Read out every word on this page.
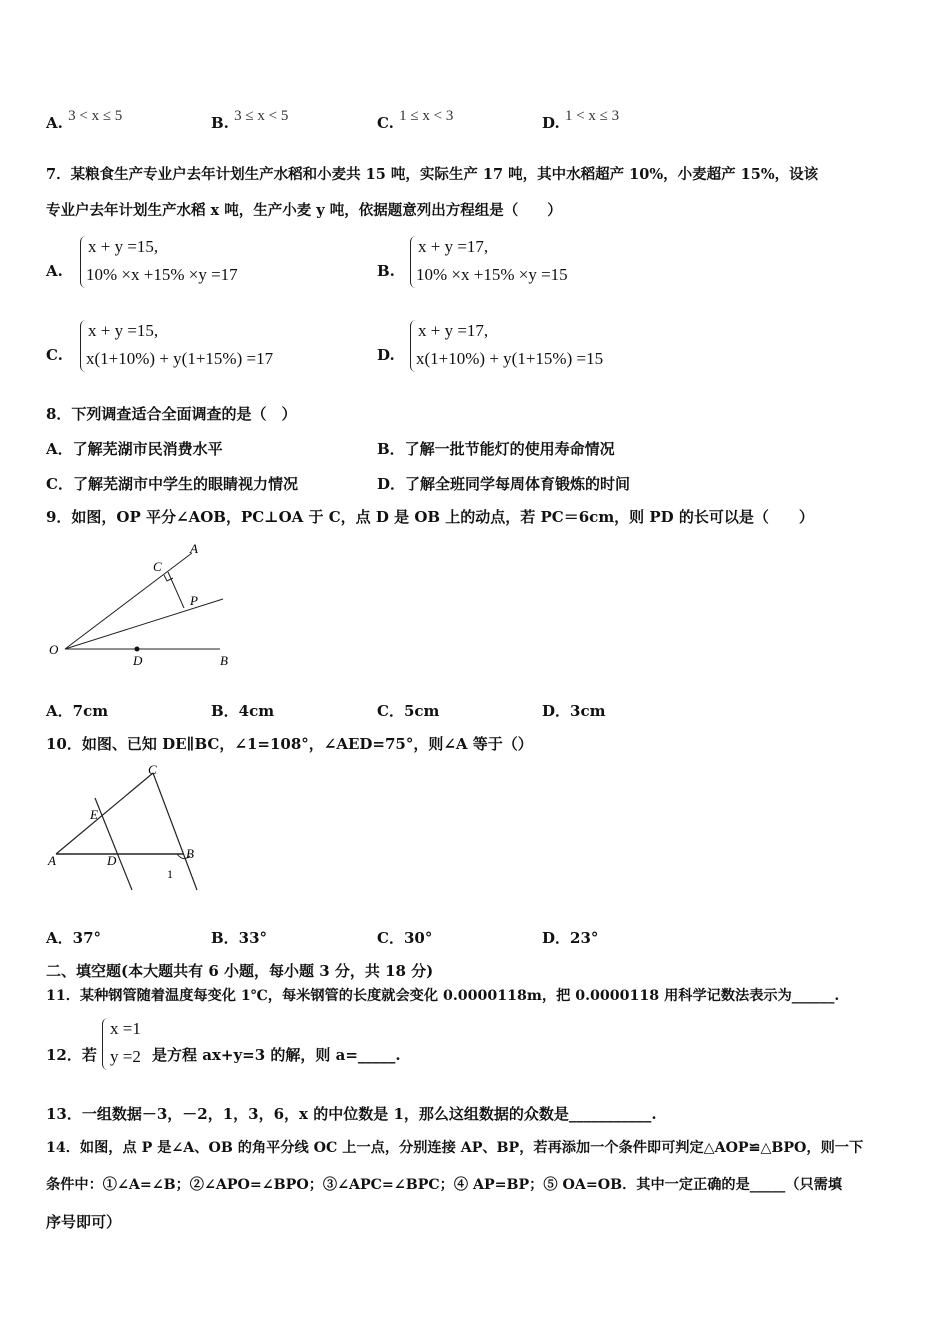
A. 3 < x ≤ 5	B. 3 ≤ x < 5	C. 1 ≤ x < 3	D. 1 < x ≤ 3
7．某粮食生产专业户去年计划生产水稻和小麦共 15 吨，实际生产 17 吨，其中水稻超产 10%，小麦超产 15%，设该
专业户去年计划生产水稻 x 吨，生产小麦 y 吨，依据题意列出方程组是（　　）
A.
x + y =15,
10% ×x +15% ×y =17	B.
x + y =17,
10% ×x +15% ×y =15
C.
x + y =15,
x(1+10%) + y(1+15%) =17	D.
x + y =17,
x(1+10%) + y(1+15%) =15
8．下列调查适合全面调查的是（　）
A．了解芜湖市民消费水平	B．了解一批节能灯的使用寿命情况
C．了解芜湖市中学生的眼睛视力情况	D．了解全班同学每周体育锻炼的时间
9．如图，OP 平分∠AOB，PC⊥OA 于 C，点 D 是 OB 上的动点，若 PC＝6cm，则 PD 的长可以是（　　）
A
C
P
O
D	B
A．7cm	B．4cm	C．5cm	D．3cm
10．如图、已知 DE∥BC，∠1=108°，∠AED=75°，则∠A 等于（）
C
E
A	D	B
1
A．37°	B．33°	C．30°	D．23°
二、填空题(本大题共有 6 小题，每小题 3 分，共 18 分)
11．某种钢管随着温度每变化 1℃，每米钢管的长度就会变化 0.0000118m，把 0.0000118 用科学记数法表示为______.
12．若
x =1
y =2 是方程 ax+y=3 的解，则 a=_____.
13．一组数据－3，－2，1，3，6，x 的中位数是 1，那么这组数据的众数是___________.
14．如图，点 P 是∠A、OB 的角平分线 OC 上一点，分别连接 AP、BP，若再添加一个条件即可判定△AOP≌△BPO，则一下
条件中：①∠A=∠B；②∠APO=∠BPO；③∠APC=∠BPC；④ AP=BP；⑤ OA=OB．其中一定正确的是_____（只需填
序号即可）
